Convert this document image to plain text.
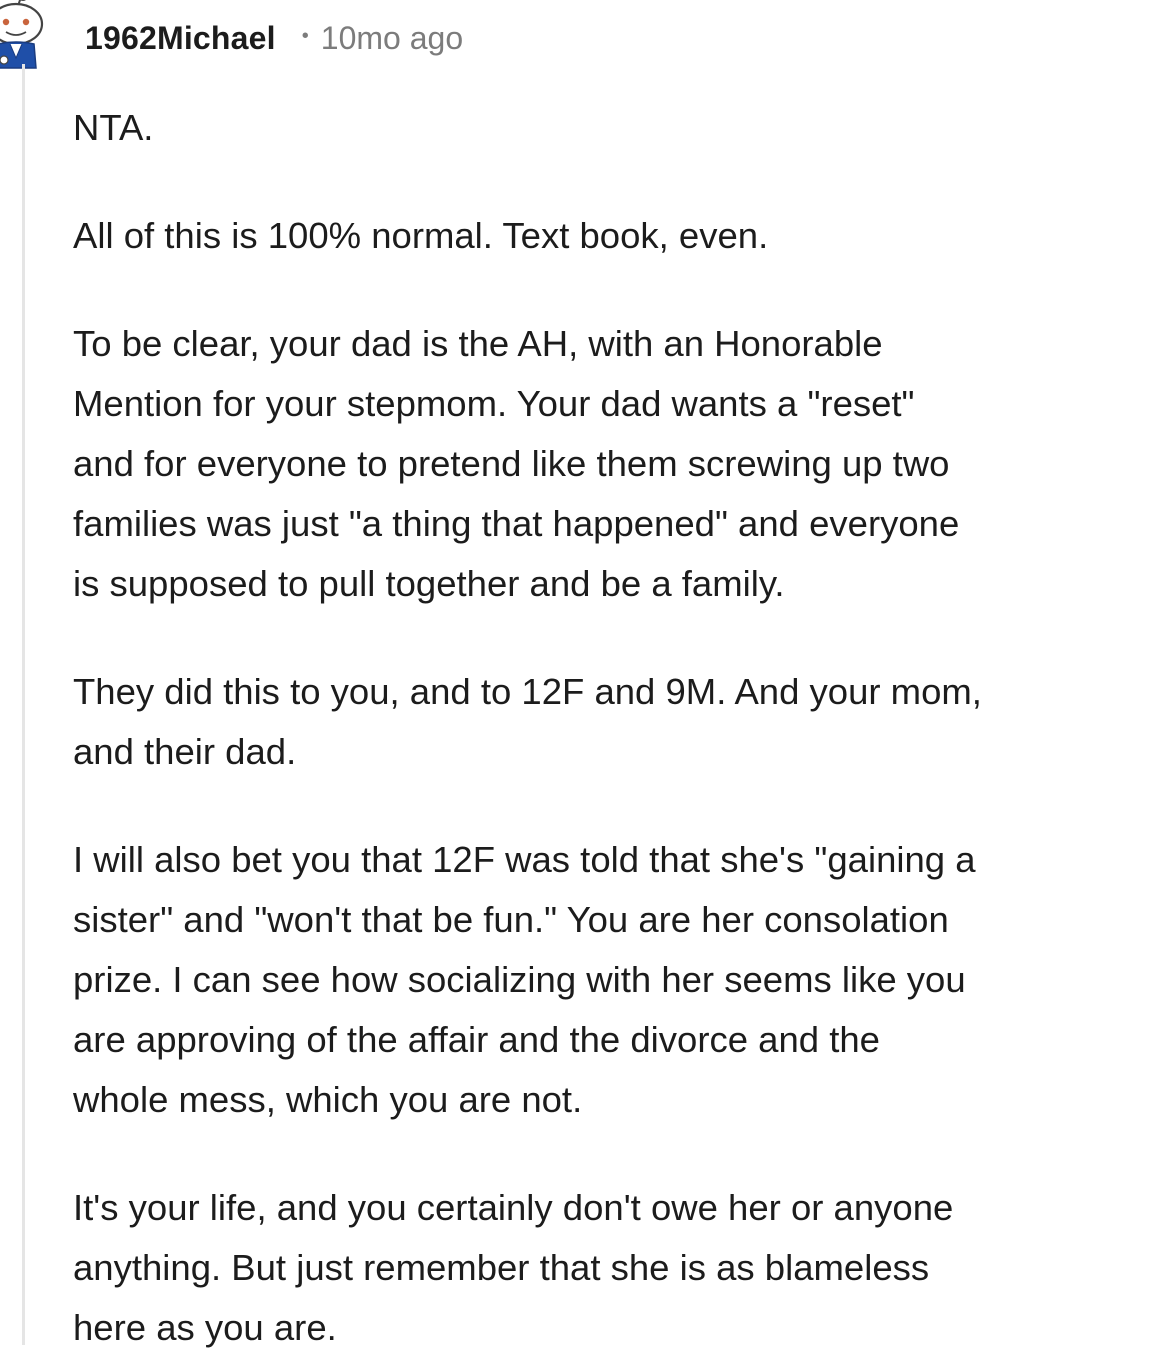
1962Michael • 10mo ago

NTA.

All of this is 100% normal. Text book, even.

To be clear, your dad is the AH, with an Honorable
Mention for your stepmom. Your dad wants a "reset"
and for everyone to pretend like them screwing up two
families was just "a thing that happened" and everyone
is supposed to pull together and be a family.

They did this to you, and to 12F and 9M. And your mom,
and their dad.

I will also bet you that 12F was told that she's "gaining a
sister" and "won't that be fun." You are her consolation
prize. I can see how socializing with her seems like you
are approving of the affair and the divorce and the
whole mess, which you are not.

It's your life, and you certainly don't owe her or anyone
anything. But just remember that she is as blameless
here as you are.
